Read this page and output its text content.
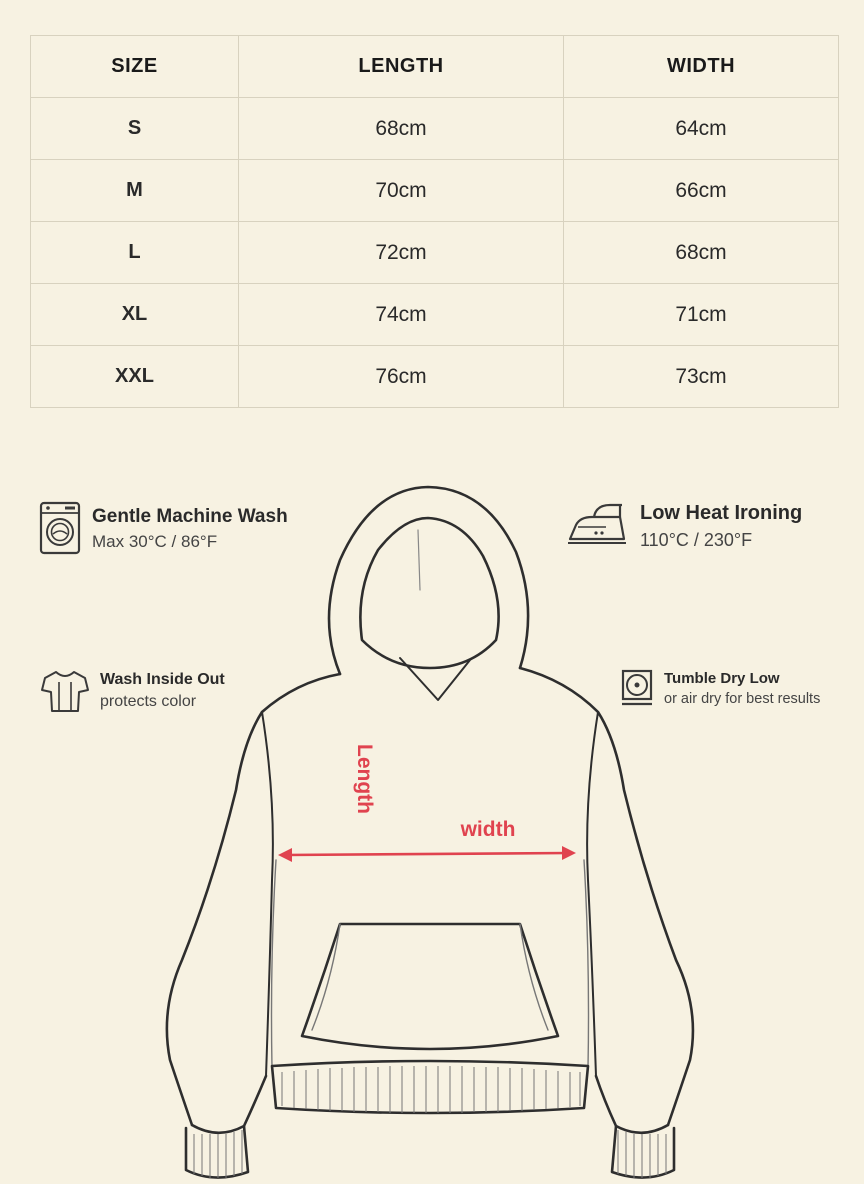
SIZE	LENGTH	WIDTH
S	68cm	64cm
M	70cm	66cm
L	72cm	68cm
XL	74cm	71cm
XXL	76cm	73cm
Gentle Machine Wash
Max 30°C / 86°F
Low Heat Ironing
110°C / 230°F
Wash Inside Out
protects color
Tumble Dry Low
or air dry for best results
width
Length
